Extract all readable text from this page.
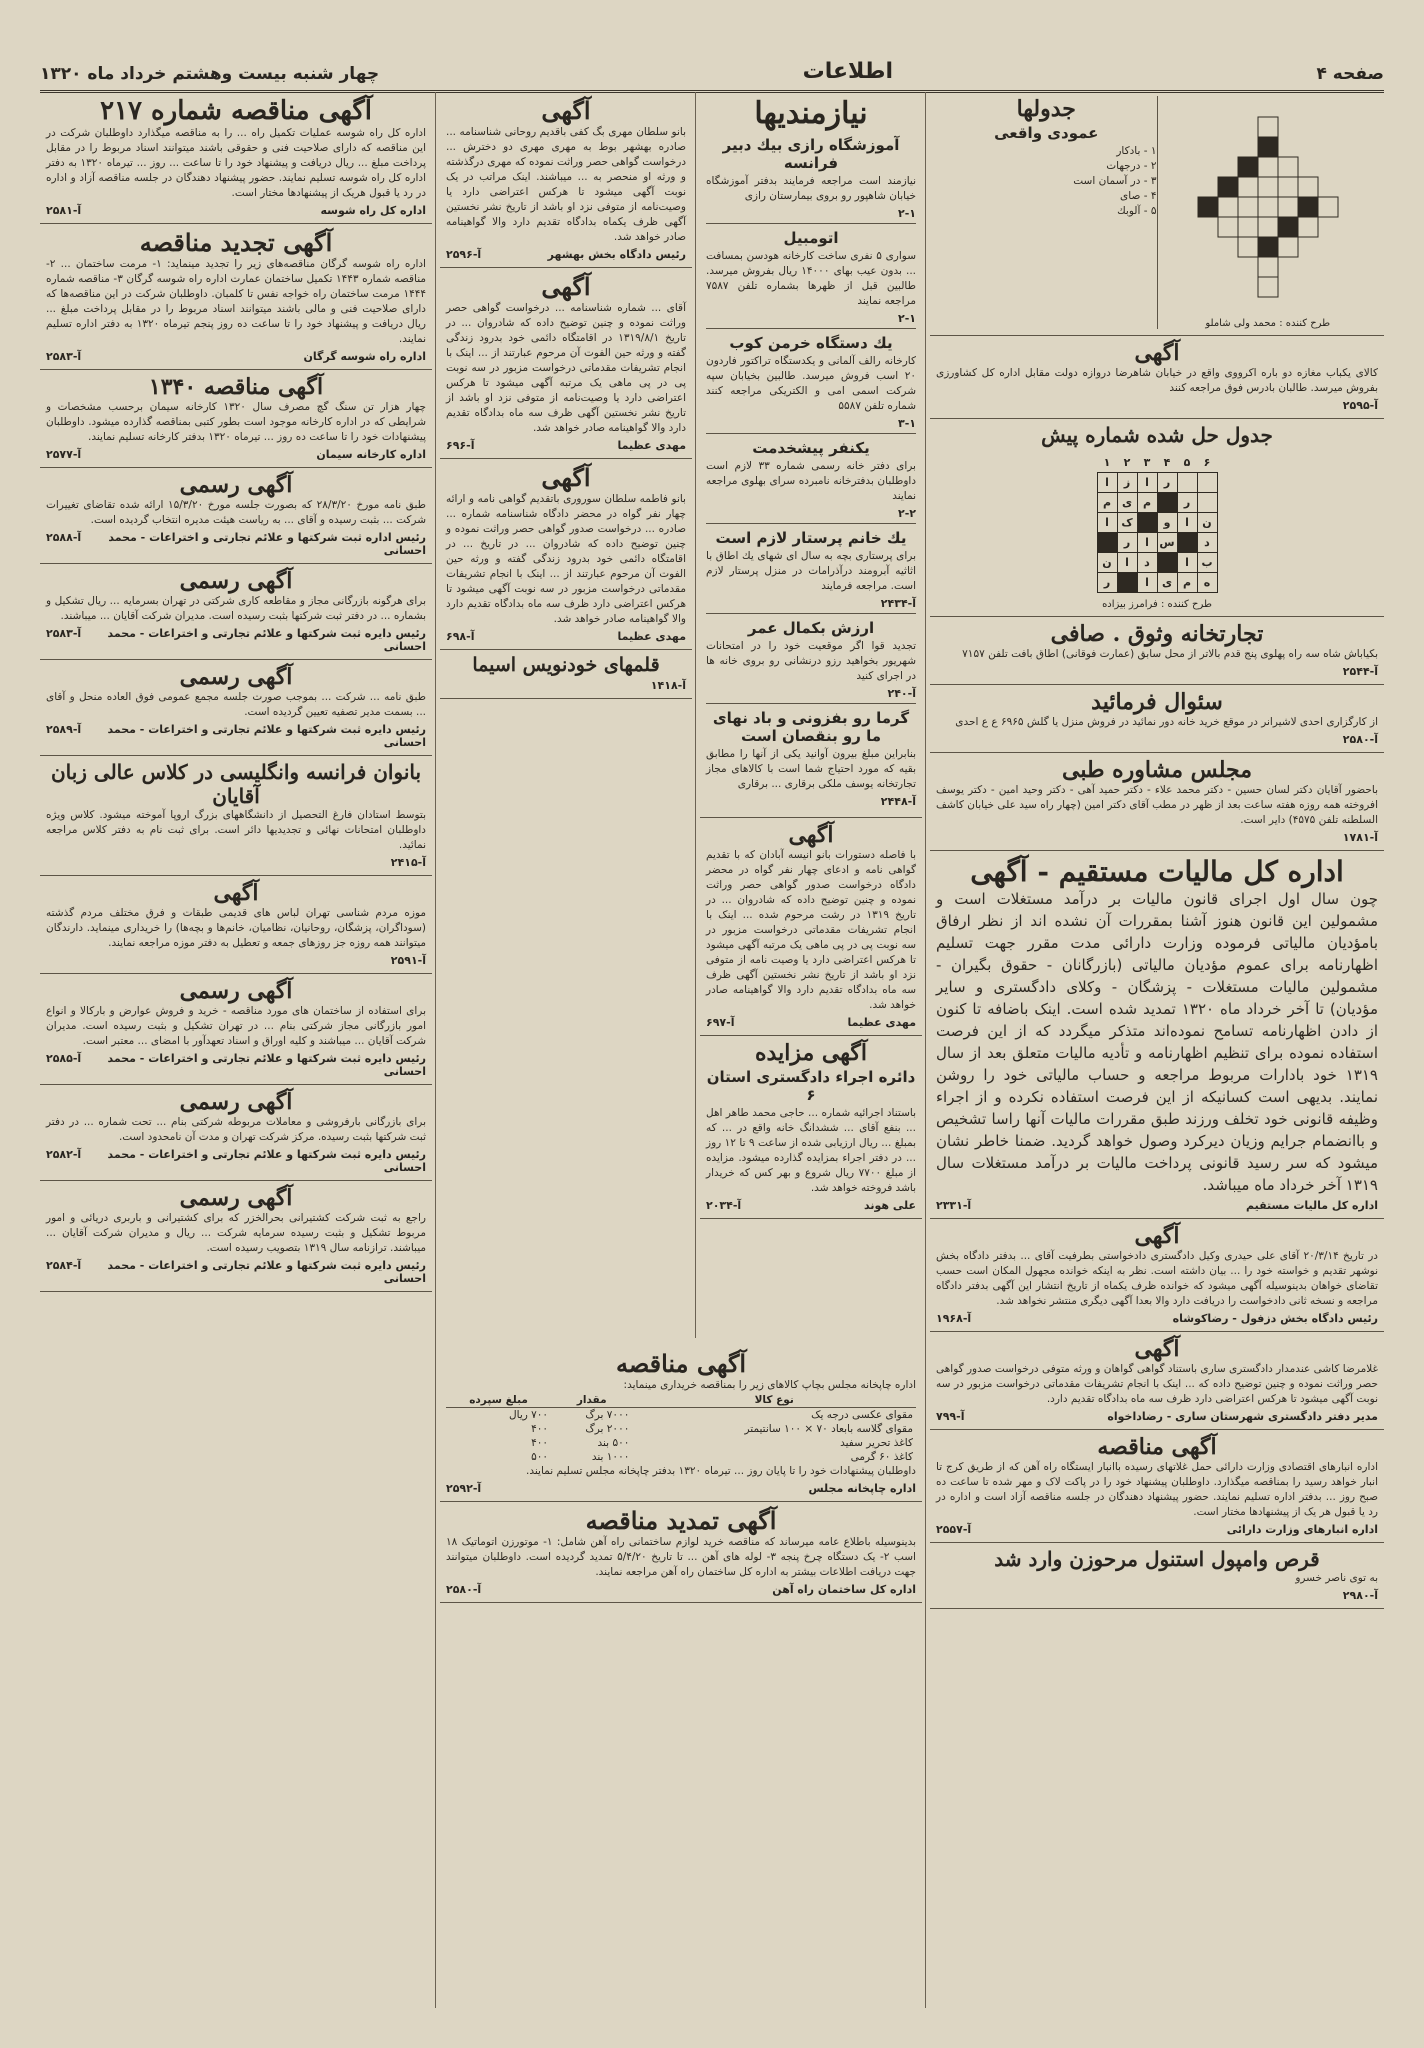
صفحه ۴
اطلاعات
چهار شنبه بیست وهشتم خرداد ماه ۱۳۲۰
طرح کننده : محمد ولی شاملو
جدولها
عمودی واقعی
۱ - بادکار
۲ - درجهات
۳ - در آسمان است
۴ - صای
۵ - آلوبك
آگهی
کالای یکباب مغازه دو باره اکرووی واقع در خیابان شاهرضا دروازه دولت مقابل اداره کل کشاورزی بفروش میرسد. طالبان بادرس فوق مراجعه کنند
آ-۲۵۹۵
جدول حل شده شماره پیش
۶	۵	۴	۳	۲	۱
		ر	ا	ز	ا
	ر		م	ی	م
ن	ا	و		ک	ا
د		س	ا	ر	
ب	ا		د	ا	ن
ه	م	ی	ا		ر
طرح کننده : فرامرز بیزاده
تجارتخانه وثوق . صافی
بکیاباش شاه سه راه پهلوی پنج قدم بالاتر از محل سابق (عمارت فوقانی) اطاق بافت تلفن ۷۱۵۷
آ-۲۵۴۴
سئوال فرمائید
از کارگزاری احدی لاشیرانر در موقع خرید خانه دور نمائید در فروش منزل یا گلش ۶۹۶۵ ع ع احدی
آ-۲۵۸۰
مجلس مشاوره طبی
باحضور آقایان دکتر لسان حسین - دکتر محمد علاء - دکتر حمید آهی - دکتر وحید امین - دکتر یوسف افروخته همه روزه هفته ساعت بعد از ظهر در مطب آقای دکتر امین (چهار راه سید علی خیابان کاشف السلطنه تلفن ۴۵۷۵) دایر است.
آ-۱۷۸۱
اداره کل مالیات مستقیم - آگهی
چون سال اول اجرای قانون مالیات بر درآمد مستغلات است و مشمولین این قانون هنوز آشنا بمقررات آن نشده اند از نظر ارفاق بامؤدیان مالیاتی فرموده وزارت دارائی مدت مقرر جهت تسلیم اظهارنامه برای عموم مؤدیان مالیاتی (بازرگانان - حقوق بگیران - مشمولین مالیات مستغلات - پزشگان - وکلای دادگستری و سایر مؤدیان) تا آخر خرداد ماه ۱۳۲۰ تمدید شده است. اینک باضافه تا کنون از دادن اظهارنامه تسامح نموده‌اند متذکر میگردد که از این فرصت استفاده نموده برای تنظیم اظهارنامه و تأدیه مالیات متعلق بعد از سال ۱۳۱۹ خود بادارات مربوط مراجعه و حساب مالیاتی خود را روشن نمایند. بدیهی است کسانیکه از این فرصت استفاده نکرده و از اجراء وظیفه قانونی خود تخلف ورزند طبق مقررات مالیات آنها راسا تشخیص و باانضمام جرایم وزیان دیرکرد وصول خواهد گردید. ضمنا خاطر نشان میشود که سر رسید قانونی پرداخت مالیات بر درآمد مستغلات سال ۱۳۱۹ آخر خرداد ماه میباشد.
اداره کل مالیات مستقیم
آ-۲۳۳۱
آگهی
در تاریخ ۲۰/۳/۱۴ آقای علی حیدری وکیل دادگستری دادخواستی بطرفیت آقای ... بدفتر دادگاه بخش نوشهر تقدیم و خواسته خود را ... بیان داشته است. نظر به اینکه خوانده مجهول المکان است حسب تقاضای خواهان بدینوسیله آگهی میشود که خوانده ظرف یکماه از تاریخ انتشار این آگهی بدفتر دادگاه مراجعه و نسخه ثانی دادخواست را دریافت دارد والا بعدا آگهی دیگری منتشر نخواهد شد.
رئیس دادگاه بخش دزفول - رضاکوشاه
آ-۱۹۶۸
آگهی
غلامرضا کاشی عندمدار دادگستری ساری باستناد گواهی گواهان و ورثه متوفی درخواست صدور گواهی حصر وراثت نموده و چنین توضیح داده که ... اینک با انجام تشریفات مقدماتی درخواست مزبور در سه نوبت آگهی میشود تا هرکس اعتراضی دارد ظرف سه ماه بدادگاه تقدیم دارد.
مدیر دفتر دادگستری شهرستان ساری - رضاداخواه
آ-۷۹۹
آگهی مناقصه
اداره انبارهای اقتصادی وزارت دارائی حمل غلاتهای رسیده باانبار ایستگاه راه آهن که از طریق کرج تا انبار خواهد رسید را بمناقصه میگذارد. داوطلبان پیشنهاد خود را در پاکت لاک و مهر شده تا ساعت ده صبح روز ... بدفتر اداره تسلیم نمایند. حضور پیشنهاد دهندگان در جلسه مناقصه آزاد است و اداره در رد یا قبول هر یک از پیشنهادها مختار است.
اداره انبارهای وزارت دارائی
آ-۲۵۵۷
قرص وامپول استنول مرحوزن وارد شد
به توی ناصر خسرو
آ-۲۹۸۰
نیازمندیها
آموزشگاه رازی بیك دبیر فرانسه
نیازمند است مراجعه فرمایند بدفتر آموزشگاه خیابان شاهپور رو بروی بیمارستان رازی
۲-۱
اتومبیل
سواری ۵ نفری ساخت کارخانه هودسن بمسافت ... بدون عیب بهای ۱۴۰۰۰ ریال بفروش میرسد. طالبین قبل از ظهرها بشماره تلفن ۷۵۸۷ مراجعه نمایند
۲-۱
یك دستگاه خرمن کوب
کارخانه رالف آلمانی و یکدستگاه تراکتور فاردون ۲۰ اسب فروش میرسد. طالبین بخیابان سپه شرکت اسمی امی و الکتریکی مراجعه کنند شماره تلفن ۵۵۸۷
۳-۱
یکنفر پیشخدمت
برای دفتر خانه رسمی شماره ۳۳ لازم است داوطلبان بدفترخانه نامبرده سرای بهلوی مراجعه نمایند
۲-۲
یك خانم پرستار لازم است
برای پرستاری بچه به سال ای شهای یك اطاق با اثاثیه آبرومند درآذرامات در منزل پرستار لازم است. مراجعه فرمایند
آ-۲۴۳۴
ارزش بکمال عمر
تجدید قوا اگر موقعیت خود را در امتحانات شهریور بخواهید رزو درنشانی رو بروی خانه ها در اجرای کنید
آ-۲۴۰
گرما رو بفزونی و باد نهای ما رو بنقصان است
بنابراین مبلغ بیرون آوانید یکی از آنها را مطابق بقیه که مورد احتیاج شما است با کالاهای مجاز تجارتخانه یوسف ملکی برقاری ... برقاری
آ-۲۴۴۸
آگهی
با فاصله دستورات بانو انیسه آبادان که با تقدیم گواهی نامه و ادعای چهار نفر گواه در محضر دادگاه درخواست صدور گواهی حصر وراثت نموده و چنین توضیح داده که شادروان ... در تاریخ ۱۳۱۹ در رشت مرحوم شده ... اینک با انجام تشریفات مقدماتی درخواست مزبور در سه نوبت پی در پی ماهی یک مرتبه آگهی میشود تا هرکس اعتراضی دارد یا وصیت نامه از متوفی نزد او باشد از تاریخ نشر نخستین آگهی ظرف سه ماه بدادگاه تقدیم دارد والا گواهینامه صادر خواهد شد.
مهدی عظیما
آ-۶۹۷
آگهی مزایده
دائره اجراء دادگستری استان ۶
باستناد اجرائیه شماره ... حاجی محمد طاهر اهل ... بنفع آقای ... ششدانگ خانه واقع در ... که بمبلغ ... ریال ارزیابی شده از ساعت ۹ تا ۱۲ روز ... در دفتر اجراء بمزایده گذارده میشود. مزایده از مبلغ ۷۷۰۰ ریال شروع و بهر کس که خریدار باشد فروخته خواهد شد.
علی هوند
آ-۲۰۳۴
آگهی
بانو سلطان مهری بگ کفی باقدیم روحانی شناسنامه ... صادره بهشهر بوط به مهری مهری دو دخترش ... درخواست گواهی حصر وراثت نموده که مهری درگذشته و ورثه او منحصر به ... میباشند. اینک مراتب در یک نوبت آگهی میشود تا هرکس اعتراضی دارد یا وصیت‌نامه از متوفی نزد او باشد از تاریخ نشر نخستین آگهی ظرف یکماه بدادگاه تقدیم دارد والا گواهینامه صادر خواهد شد.
رئیس دادگاه بخش بهشهر
آ-۲۵۹۶
آگهی
آقای ... شماره شناسنامه ... درخواست گواهی حصر وراثت نموده و چنین توضیح داده که شادروان ... در تاریخ ۱۳۱۹/۸/۱ در اقامتگاه دائمی خود بدرود زندگی گفته و ورثه حین الفوت آن مرحوم عبارتند از ... اینک با انجام تشریفات مقدماتی درخواست مزبور در سه نوبت پی در پی ماهی یک مرتبه آگهی میشود تا هرکس اعتراضی دارد یا وصیت‌نامه از متوفی نزد او باشد از تاریخ نشر نخستین آگهی ظرف سه ماه بدادگاه تقدیم دارد والا گواهینامه صادر خواهد شد.
مهدی عظیما
آ-۶۹۶
آگهی
بانو فاطمه سلطان سوروری باتقدیم گواهی نامه و ارائه چهار نفر گواه در محضر دادگاه شناسنامه شماره ... صادره ... درخواست صدور گواهی حصر وراثت نموده و چنین توضیح داده که شادروان ... در تاریخ ... در اقامتگاه دائمی خود بدرود زندگی گفته و ورثه حین الفوت آن مرحوم عبارتند از ... اینک با انجام تشریفات مقدماتی درخواست مزبور در سه نوبت آگهی میشود تا هرکس اعتراضی دارد ظرف سه ماه بدادگاه تقدیم دارد والا گواهینامه صادر خواهد شد.
مهدی عظیما
آ-۶۹۸
قلمهای خودنویس اسیما
آ-۱۴۱۸
آگهی مناقصه شماره ۲۱۷
اداره کل راه شوسه عملیات تکمیل راه ... را به مناقصه میگذارد داوطلبان شرکت در این مناقصه که دارای صلاحیت فنی و حقوقی باشند میتوانند اسناد مربوط را در مقابل پرداخت مبلغ ... ریال دریافت و پیشنهاد خود را تا ساعت ... روز ... تیرماه ۱۳۲۰ به دفتر اداره کل راه شوسه تسلیم نمایند. حضور پیشنهاد دهندگان در جلسه مناقصه آزاد و اداره در رد یا قبول هریک از پیشنهادها مختار است.
اداره کل راه شوسه
آ-۲۵۸۱
آگهی تجدید مناقصه
اداره راه شوسه گرگان مناقصه‌های زیر را تجدید مینماید: ۱- مرمت ساختمان ... ۲- مناقصه شماره ۱۴۴۳ تکمیل ساختمان عمارت اداره راه شوسه گرگان ۳- مناقصه شماره ۱۴۴۴ مرمت ساختمان راه خواجه نفس تا کلمبان. داوطلبان شرکت در این مناقصه‌ها که دارای صلاحیت فنی و مالی باشند میتوانند اسناد مربوط را در مقابل پرداخت مبلغ ... ریال دریافت و پیشنهاد خود را تا ساعت ده روز پنجم تیرماه ۱۳۲۰ به دفتر اداره تسلیم نمایند.
اداره راه شوسه گرگان
آ-۲۵۸۳
آگهی مناقصه ۱۳۴۰
چهار هزار تن سنگ گچ مصرف سال ۱۳۲۰ کارخانه سیمان برحسب مشخصات و شرایطی که در اداره کارخانه موجود است بطور کتبی بمناقصه گذارده میشود. داوطلبان پیشنهادات خود را تا ساعت ده روز ... تیرماه ۱۳۲۰ بدفتر کارخانه تسلیم نمایند.
اداره کارخانه سیمان
آ-۲۵۷۷
آگهی رسمی
طبق نامه مورخ ۲۸/۳/۲۰ که بصورت جلسه مورخ ۱۵/۳/۲۰ ارائه شده تقاضای تغییرات شرکت ... بثبت رسیده و آقای ... به ریاست هیئت مدیره انتخاب گردیده است.
رئیس اداره ثبت شرکتها و علائم تجارتی و اختراعات - محمد احسانی
آ-۲۵۸۸
آگهی رسمی
برای هرگونه بازرگانی مجاز و مقاطعه کاری شرکتی در تهران بسرمایه ... ریال تشکیل و بشماره ... در دفتر ثبت شرکتها بثبت رسیده است. مدیران شرکت آقایان ... میباشند.
رئیس دایره ثبت شرکتها و علائم تجارتی و اختراعات - محمد احسانی
آ-۲۵۸۳
آگهی رسمی
طبق نامه ... شرکت ... بموجب صورت جلسه مجمع عمومی فوق العاده منحل و آقای ... بسمت مدیر تصفیه تعیین گردیده است.
رئیس دایره ثبت شرکتها و علائم تجارتی و اختراعات - محمد احسانی
آ-۲۵۸۹
بانوان فرانسه وانگلیسی در کلاس عالی زبان آقایان
بتوسط استادان فارغ التحصیل از دانشگاههای بزرگ اروپا آموخته میشود. کلاس ویژه داوطلبان امتحانات نهائی و تجدیدیها دائر است. برای ثبت نام به دفتر کلاس مراجعه نمائید.
آ-۲۴۱۵
آگهی
موزه مردم شناسی تهران لباس های قدیمی طبقات و فرق مختلف مردم گذشته (سوداگران، پزشگان، روحانیان، نظامیان، خانم‌ها و بچه‌ها) را خریداری مینماید. دارندگان میتوانند همه روزه جز روزهای جمعه و تعطیل به دفتر موزه مراجعه نمایند.
آ-۲۵۹۱
آگهی رسمی
برای استفاده از ساختمان های مورد مناقصه - خرید و فروش عوارض و بارکالا و انواع امور بازرگانی مجاز شرکتی بنام ... در تهران تشکیل و بثبت رسیده است. مدیران شرکت آقایان ... میباشند و کلیه اوراق و اسناد تعهدآور با امضای ... معتبر است.
رئیس دایره ثبت شرکتها و علائم تجارتی و اختراعات - محمد احسانی
آ-۲۵۸۵
آگهی رسمی
برای بازرگانی بارفروشی و معاملات مربوطه شرکتی بنام ... تحت شماره ... در دفتر ثبت شرکتها بثبت رسیده. مرکز شرکت تهران و مدت آن نامحدود است.
رئیس دایره ثبت شرکتها و علائم تجارتی و اختراعات - محمد احسانی
آ-۲۵۸۲
آگهی رسمی
راجع به ثبت شرکت کشتیرانی بحرالخزر که برای کشتیرانی و باربری دریائی و امور مربوط تشکیل و بثبت رسیده سرمایه شرکت ... ریال و مدیران شرکت آقایان ... میباشند. ترازنامه سال ۱۳۱۹ بتصویب رسیده است.
رئیس دایره ثبت شرکتها و علائم تجارتی و اختراعات - محمد احسانی
آ-۲۵۸۴
آگهی مناقصه
اداره چاپخانه مجلس بچاپ کالاهای زیر را بمناقصه خریداری مینماید:
نوع کالا	مقدار	مبلغ سپرده
مقوای عکسی درجه یک	۷۰۰۰ برگ	۷۰۰ ریال
مقوای گلاسه بابعاد ۷۰ × ۱۰۰ سانتیمتر	۲۰۰۰ برگ	۴۰۰
کاغذ تحریر سفید	۵۰۰ بند	۴۰۰
کاغذ ۶۰ گرمی	۱۰۰۰ بند	۵۰۰
داوطلبان پیشنهادات خود را تا پایان روز ... تیرماه ۱۳۲۰ بدفتر چاپخانه مجلس تسلیم نمایند.
اداره چاپخانه مجلس
آ-۲۵۹۲
آگهی تمدید مناقصه
بدینوسیله باطلاع عامه میرساند که مناقصه خرید لوازم ساختمانی راه آهن شامل: ۱- موتورزن اتوماتیک ۱۸ اسب ۲- یک دستگاه چرخ پنجه ۳- لوله های آهن ... تا تاریخ ۵/۴/۲۰ تمدید گردیده است. داوطلبان میتوانند جهت دریافت اطلاعات بیشتر به اداره کل ساختمان راه آهن مراجعه نمایند.
اداره کل ساختمان راه آهن
آ-۲۵۸۰
